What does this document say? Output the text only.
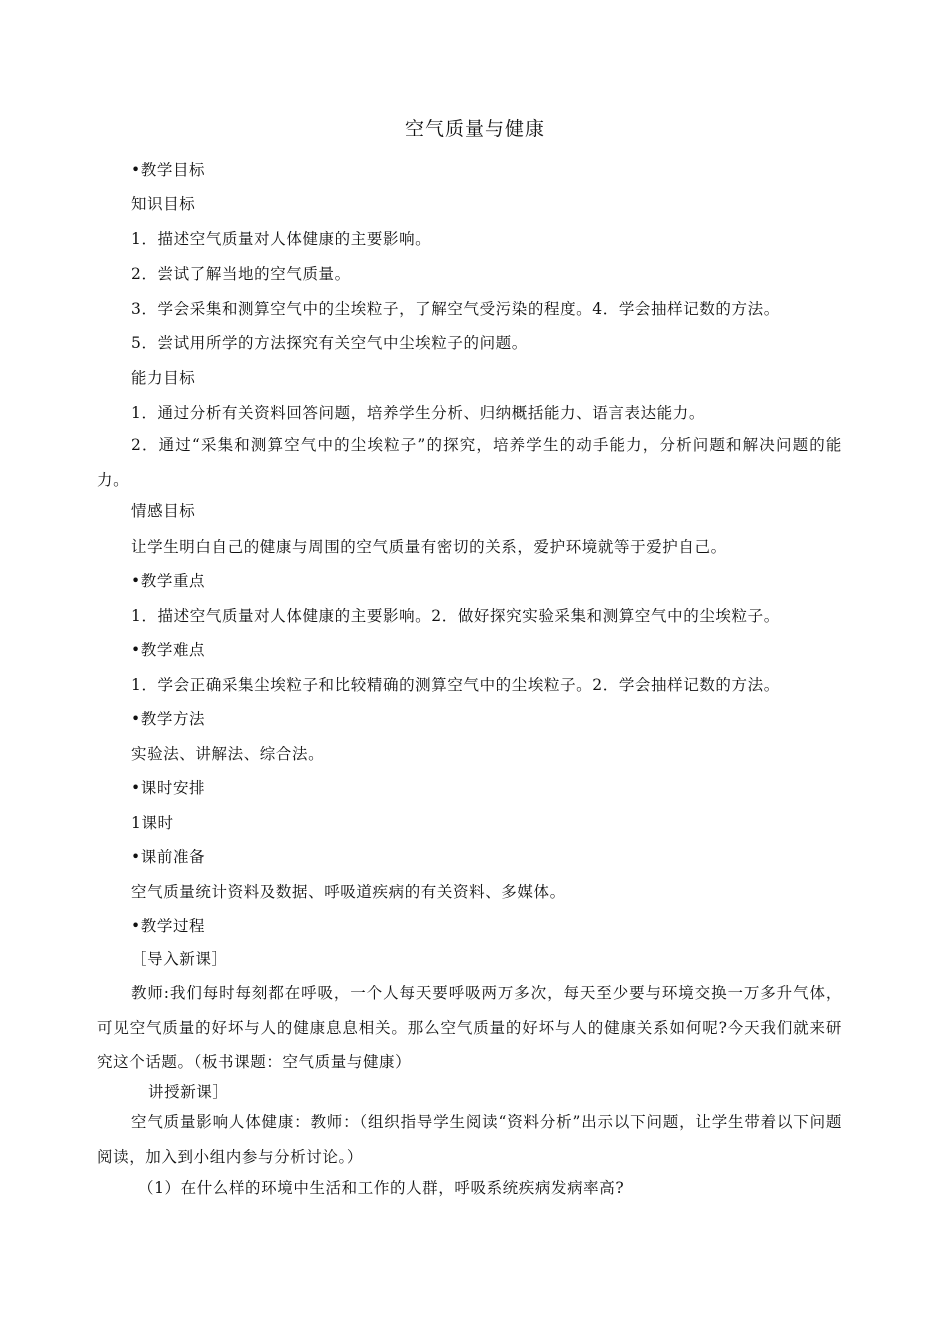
空气质量与健康
•教学目标
知识目标
1．描述空气质量对人体健康的主要影响。
2．尝试了解当地的空气质量。
3．学会采集和测算空气中的尘埃粒子，了解空气受污染的程度。4．学会抽样记数的方法。
5．尝试用所学的方法探究有关空气中尘埃粒子的问题。
能力目标
1．通过分析有关资料回答问题，培养学生分析、归纳概括能力、语言表达能力。
2．通过“采集和测算空气中的尘埃粒子”的探究，培养学生的动手能力，分析问题和解决问题的能力。
情感目标
让学生明白自己的健康与周围的空气质量有密切的关系，爱护环境就等于爱护自己。
•教学重点
1．描述空气质量对人体健康的主要影响。2．做好探究实验采集和测算空气中的尘埃粒子。
•教学难点
1．学会正确采集尘埃粒子和比较精确的测算空气中的尘埃粒子。2．学会抽样记数的方法。
•教学方法
实验法、讲解法、综合法。
•课时安排
1课时
•课前准备
空气质量统计资料及数据、呼吸道疾病的有关资料、多媒体。
•教学过程
［导入新课］
教师:我们每时每刻都在呼吸，一个人每天要呼吸两万多次，每天至少要与环境交换一万多升气体，可见空气质量的好坏与人的健康息息相关。那么空气质量的好坏与人的健康关系如何呢?今天我们就来研究这个话题。（板书课题：空气质量与健康）
讲授新课］
空气质量影响人体健康：教师：（组织指导学生阅读“资料分析”出示以下问题，让学生带着以下问题阅读，加入到小组内参与分析讨论。）
（1）在什么样的环境中生活和工作的人群，呼吸系统疾病发病率高?
